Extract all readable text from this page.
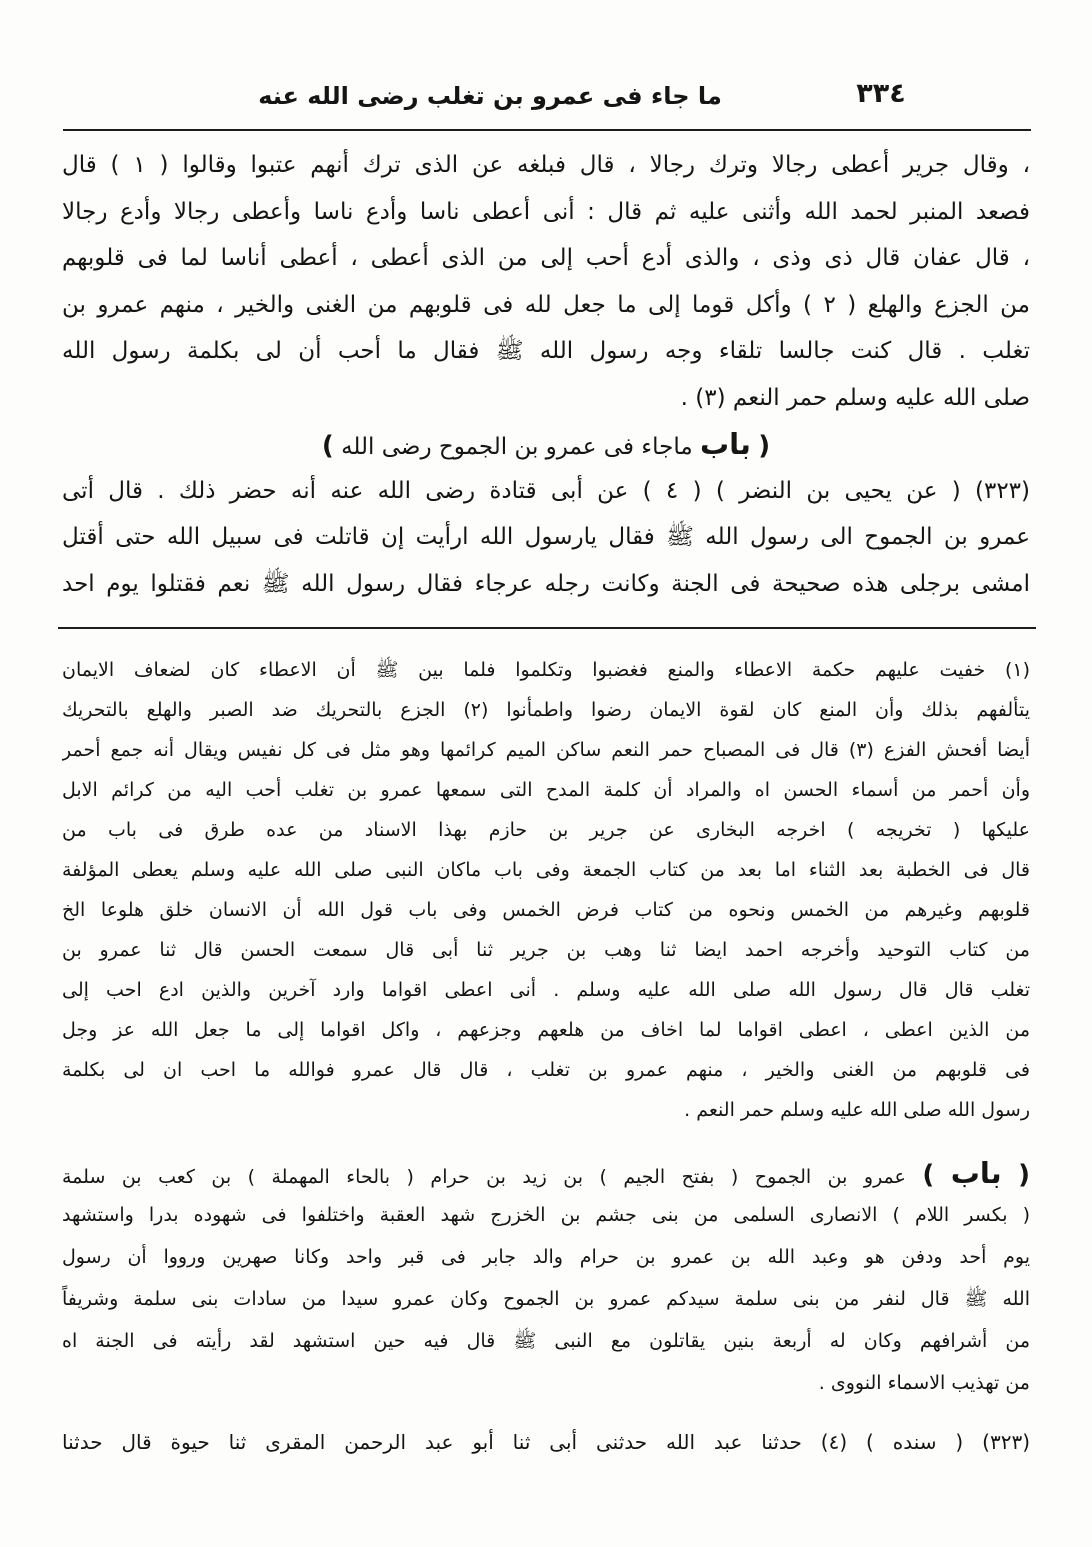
ما جاء فى عمرو بن تغلب رضى الله عنه	٣٣٤
، وقال جرير أعطى رجالا وترك رجالا ، قال فبلغه عن الذى ترك أنهم عتبوا وقالوا ( ١ ) قال
فصعد المنبر لحمد الله وأثنى عليه ثم قال : أنى أعطى ناسا وأدع ناسا وأعطى رجالا وأدع رجالا
، قال عفان قال ذى وذى ، والذى أدع أحب إلى من الذى أعطى ، أعطى أناسا لما فى قلوبهم
من الجزع والهلع ( ٢ ) وأكل قوما إلى ما جعل لله فى قلوبهم من الغنى والخير ، منهم عمرو بن
تغلب . قال كنت جالسا تلقاء وجه رسول الله ﷺ فقال ما أحب أن لى بكلمة رسول الله
صلى الله عليه وسلم حمر النعم (٣) .
( باب ماجاء فى عمرو بن الجموح رضى الله )
(٣٢٣) ( عن يحيى بن النضر ) ( ٤ ) عن أبى قتادة رضى الله عنه أنه حضر ذلك . قال أتى
عمرو بن الجموح الى رسول الله ﷺ فقال يارسول الله ارأيت إن قاتلت فى سبيل الله حتى أقتل
امشى برجلى هذه صحيحة فى الجنة وكانت رجله عرجاء فقال رسول الله ﷺ نعم فقتلوا يوم احد
(١) خفيت عليهم حكمة الاعطاء والمنع فغضبوا وتكلموا فلما بين ﷺ أن الاعطاء كان لضعاف الايمان
يتألفهم بذلك وأن المنع كان لقوة الايمان رضوا واطمأنوا (٢) الجزع بالتحريك ضد الصبر والهلع بالتحريك
أيضا أفحش الفزع (٣) قال فى المصباح حمر النعم ساكن الميم كرائمها وهو مثل فى كل نفيس ويقال أنه جمع أحمر
وأن أحمر من أسماء الحسن اه والمراد أن كلمة المدح التى سمعها عمرو بن تغلب أحب اليه من كرائم الابل
عليكها ( تخريجه ) اخرجه البخارى عن جرير بن حازم بهذا الاسناد من عده طرق فى باب من
قال فى الخطبة بعد الثناء اما بعد من كتاب الجمعة وفى باب ماكان النبى صلى الله عليه وسلم يعطى المؤلفة
قلوبهم وغيرهم من الخمس ونحوه من كتاب فرض الخمس وفى باب قول الله أن الانسان خلق هلوعا الخ
من كتاب التوحيد وأخرجه احمد ايضا ثنا وهب بن جرير ثنا أبى قال سمعت الحسن قال ثنا عمرو بن
تغلب قال قال رسول الله صلى الله عليه وسلم . أنى اعطى اقواما وارد آخرين والذين ادع احب إلى
من الذين اعطى ، اعطى اقواما لما اخاف من هلعهم وجزعهم ، واكل اقواما إلى ما جعل الله عز وجل
فى قلوبهم من الغنى والخير ، منهم عمرو بن تغلب ، قال قال عمرو فوالله ما احب ان لى بكلمة
رسول الله صلى الله عليه وسلم حمر النعم .
( باب ) عمرو بن الجموح ( بفتح الجيم ) بن زيد بن حرام ( بالحاء المهملة ) بن كعب بن سلمة
( بكسر اللام ) الانصارى السلمى من بنى جشم بن الخزرج شهد العقبة واختلفوا فى شهوده بدرا واستشهد
يوم أحد ودفن هو وعبد الله بن عمرو بن حرام والد جابر فى قبر واحد وكانا صهرين ورووا أن رسول
الله ﷺ قال لنفر من بنى سلمة سيدكم عمرو بن الجموح وكان عمرو سيدا من سادات بنى سلمة وشريفاً
من أشرافهم وكان له أربعة بنين يقاتلون مع النبى ﷺ قال فيه حين استشهد لقد رأيته فى الجنة اه
من تهذيب الاسماء النووى .
(٣٢٣) ( سنده ) (٤) حدثنا عبد الله حدثنى أبى ثنا أبو عبد الرحمن المقرى ثنا حيوة قال حدثنا
